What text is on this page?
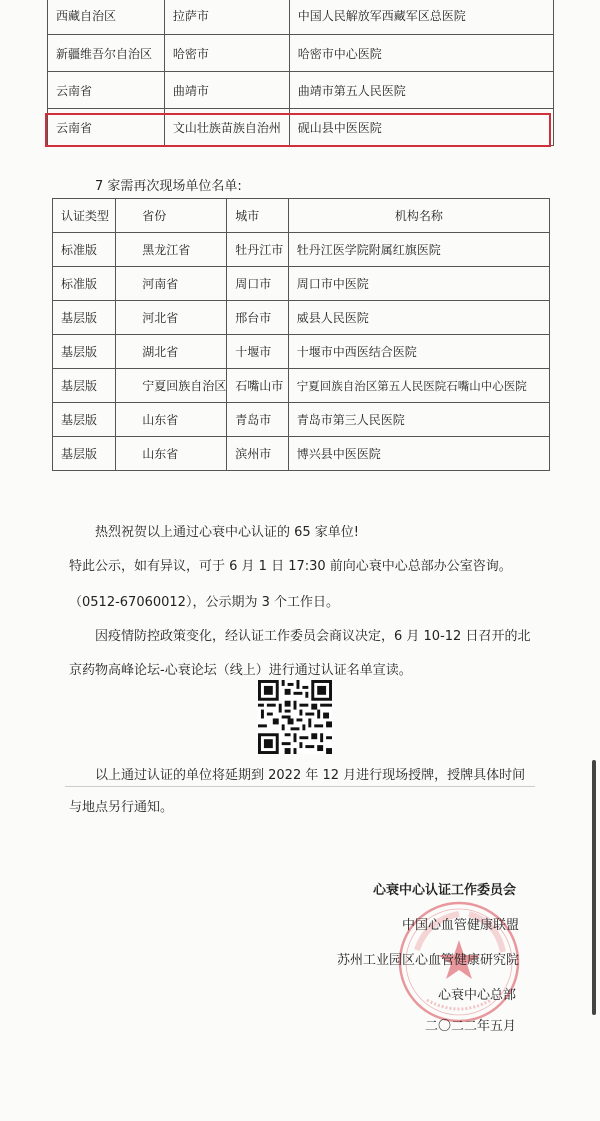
西藏自治区	拉萨市	中国人民解放军西藏军区总医院
新疆维吾尔自治区	哈密市	哈密市中心医院
云南省	曲靖市	曲靖市第五人民医院
云南省	文山壮族苗族自治州	砚山县中医医院
7 家需再次现场单位名单:
认证类型	省份	城市	机构名称
标准版	黑龙江省	牡丹江市	牡丹江医学院附属红旗医院
标准版	河南省	周口市	周口市中医院
基层版	河北省	邢台市	威县人民医院
基层版	湖北省	十堰市	十堰市中西医结合医院
基层版	宁夏回族自治区	石嘴山市	宁夏回族自治区第五人民医院石嘴山中心医院
基层版	山东省	青岛市	青岛市第三人民医院
基层版	山东省	滨州市	博兴县中医医院
热烈祝贺以上通过心衰中心认证的 65 家单位!
特此公示，如有异议，可于 6 月 1 日 17:30 前向心衰中心总部办公室咨询。
（0512-67060012），公示期为 3 个工作日。
因疫情防控政策变化，经认证工作委员会商议决定，6 月 10-12 日召开的北
京药物高峰论坛-心衰论坛（线上）进行通过认证名单宣读。
以上通过认证的单位将延期到 2022 年 12 月进行现场授牌，授牌具体时间
与地点另行通知。
心衰中心认证工作委员会
中国心血管健康联盟
苏州工业园区心血管健康研究院
心衰中心总部
二〇二二年五月
